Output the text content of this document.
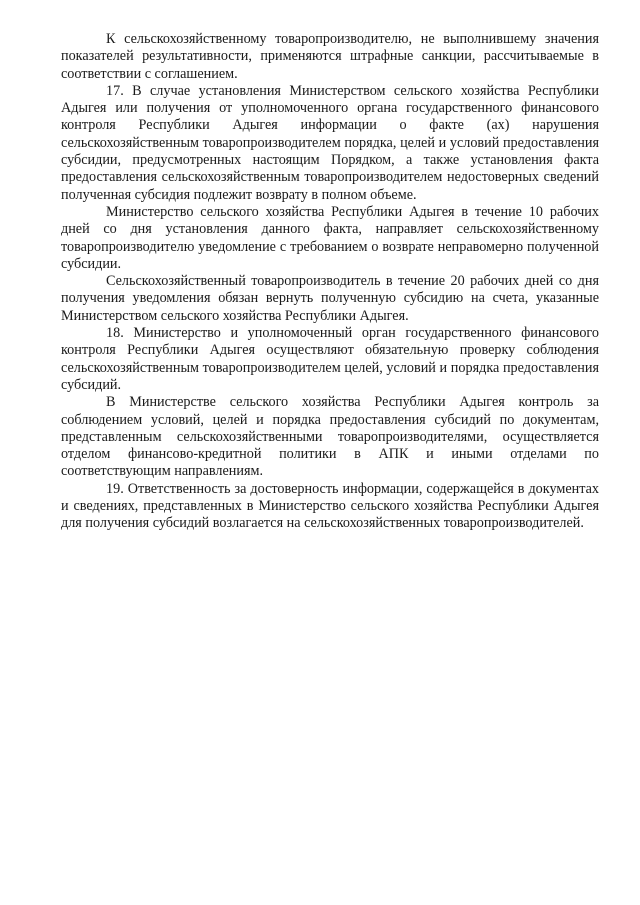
К сельскохозяйственному товаропроизводителю, не выполнившему значения показателей результативности, применяются штрафные санкции, рассчитываемые в соответствии с соглашением.

17. В случае установления Министерством сельского хозяйства Республики Адыгея или получения от уполномоченного органа государственного финансового контроля Республики Адыгея информации о факте (ах) нарушения сельскохозяйственным товаропроизводителем порядка, целей и условий предоставления субсидии, предусмотренных настоящим Порядком, а также установления факта предоставления сельскохозяйственным товаропроизводителем недостоверных сведений полученная субсидия подлежит возврату в полном объеме.

Министерство сельского хозяйства Республики Адыгея в течение 10 рабочих дней со дня установления данного факта, направляет сельскохозяйственному товаропроизводителю уведомление с требованием о возврате неправомерно полученной субсидии.

Сельскохозяйственный товаропроизводитель в течение 20 рабочих дней со дня получения уведомления обязан вернуть полученную субсидию на счета, указанные Министерством сельского хозяйства Республики Адыгея.

18. Министерство и уполномоченный орган государственного финансового контроля Республики Адыгея осуществляют обязательную проверку соблюдения сельскохозяйственным товаропроизводителем целей, условий и порядка предоставления субсидий.

В Министерстве сельского хозяйства Республики Адыгея контроль за соблюдением условий, целей и порядка предоставления субсидий по документам, представленным сельскохозяйственными товаропроизводителями, осуществляется отделом финансово-кредитной политики в АПК и иными отделами по соответствующим направлениям.

19. Ответственность за достоверность информации, содержащейся в документах и сведениях, представленных в Министерство сельского хозяйства Республики Адыгея для получения субсидий возлагается на сельскохозяйственных товаропроизводителей.
